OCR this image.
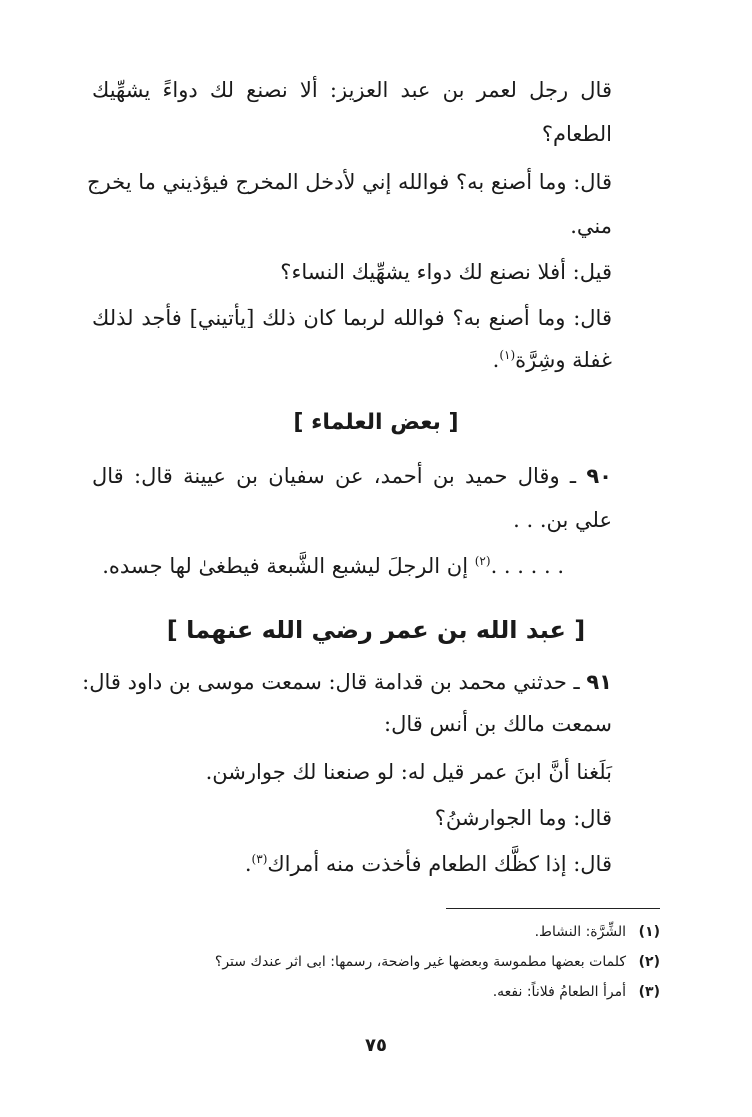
قال رجل لعمر بن عبد العزيز: ألا نصنع لك دواءً يشهِّيك
الطعام؟
قال: وما أصنع به؟ فوالله إني لأدخل المخرج فيؤذيني ما يخرج
مني.
قيل: أفلا نصنع لك دواء يشهِّيك النساء؟
قال: وما أصنع به؟ فوالله لربما كان ذلك [يأتيني] فأجد لذلك
غفلة وشِرَّة$^{(١)}$.
[ بعض العلماء ]
٩٠ ـ وقال حميد بن أحمد، عن سفيان بن عيينة قال: قال
علي بن. . .
. . . . . .$^{(٢)}$ إن الرجلَ ليشبع الشَّبعة فيطغىٰ لها جسده.
[ عبد الله بن عمر رضي الله عنهما ]
٩١ ـ حدثني محمد بن قدامة قال: سمعت موسى بن داود قال:
سمعت مالك بن أنس قال:
بَلَغنا أنَّ ابنَ عمر قيل له: لو صنعنا لك جوارشن.
قال: وما الجوارشنُ؟
قال: إذا كظَّك الطعام فأخذت منه أمراك$^{(٣)}$.
(١)الشِّرَّة: النشاط.
(٢)كلمات بعضها مطموسة وبعضها غير واضحة، رسمها: ابى اثر عندك ستر؟
(٣)أمرأ الطعامُ فلاناً: نفعه.
٧٥
